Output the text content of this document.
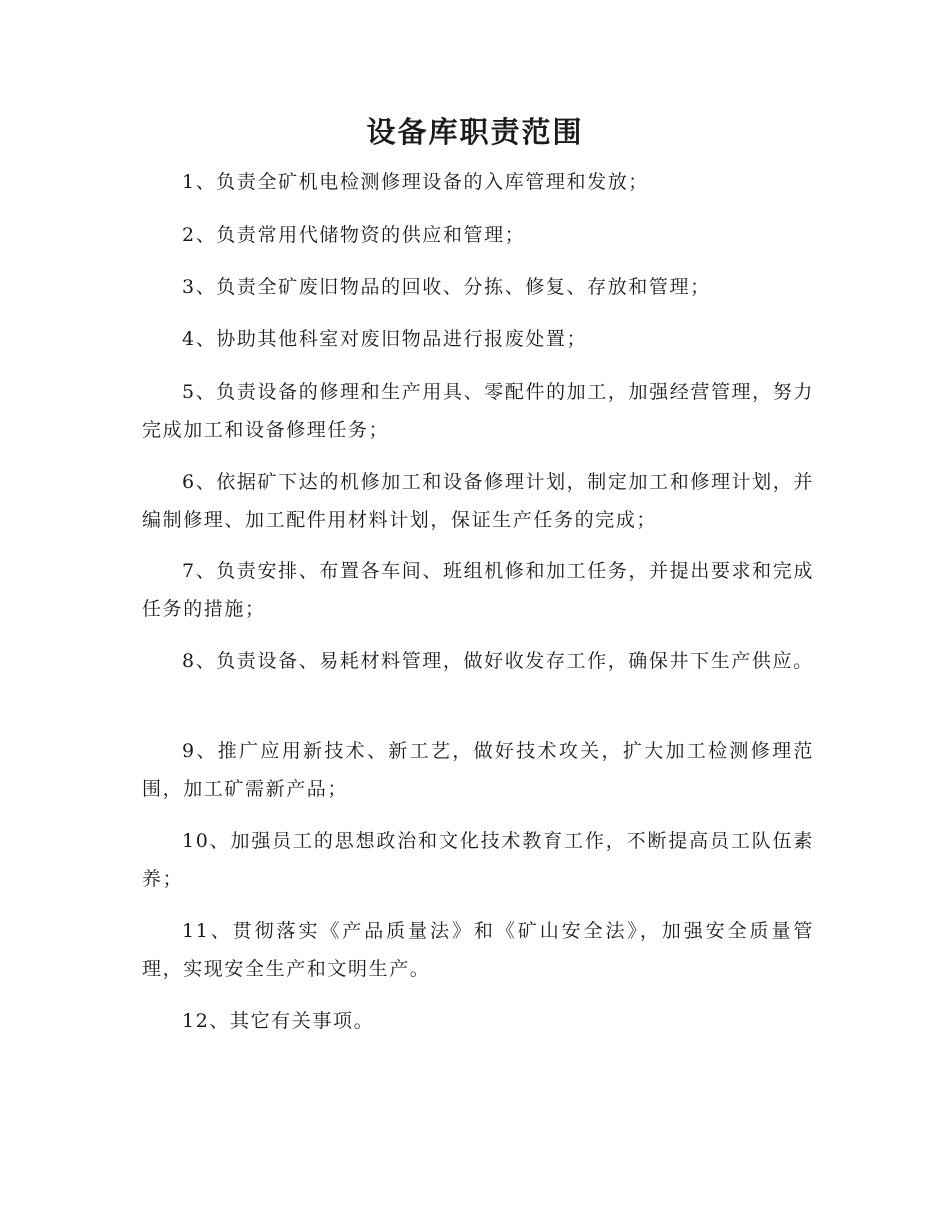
设备库职责范围

1、负责全矿机电检测修理设备的入库管理和发放；

2、负责常用代储物资的供应和管理；

3、负责全矿废旧物品的回收、分拣、修复、存放和管理；

4、协助其他科室对废旧物品进行报废处置；

5、负责设备的修理和生产用具、零配件的加工，加强经营管理，努力完成加工和设备修理任务；

6、依据矿下达的机修加工和设备修理计划，制定加工和修理计划，并编制修理、加工配件用材料计划，保证生产任务的完成；

7、负责安排、布置各车间、班组机修和加工任务，并提出要求和完成任务的措施；

8、负责设备、易耗材料管理，做好收发存工作，确保井下生产供应。

9、推广应用新技术、新工艺，做好技术攻关，扩大加工检测修理范围，加工矿需新产品；

10、加强员工的思想政治和文化技术教育工作，不断提高员工队伍素养；

11、贯彻落实《产品质量法》和《矿山安全法》，加强安全质量管理，实现安全生产和文明生产。

12、其它有关事项。
